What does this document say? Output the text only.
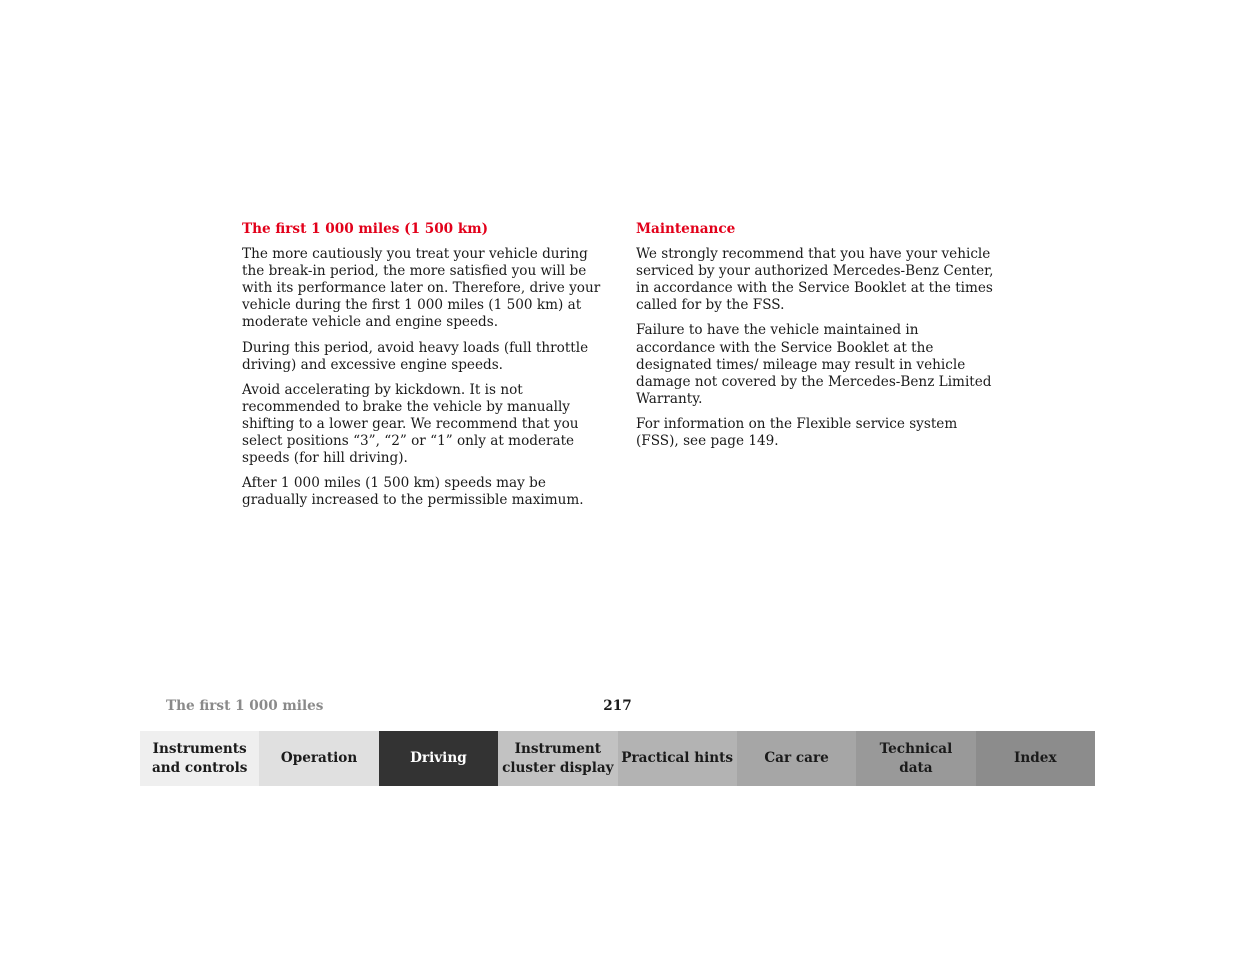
The first 1 000 miles (1 500 km)

The more cautiously you treat your vehicle during the break-in period, the more satisfied you will be with its performance later on. Therefore, drive your vehicle during the first 1 000 miles (1 500 km) at moderate vehicle and engine speeds.

During this period, avoid heavy loads (full throttle driving) and excessive engine speeds.

Avoid accelerating by kickdown. It is not recommended to brake the vehicle by manually shifting to a lower gear. We recommend that you select positions “3”, “2” or “1” only at moderate speeds (for hill driving).

After 1 000 miles (1 500 km) speeds may be gradually increased to the permissible maximum.

Maintenance

We strongly recommend that you have your vehicle serviced by your authorized Mercedes-Benz Center, in accordance with the Service Booklet at the times called for by the FSS.

Failure to have the vehicle maintained in accordance with the Service Booklet at the designated times/ mileage may result in vehicle damage not covered by the Mercedes-Benz Limited Warranty.

For information on the Flexible service system (FSS), see page 149.

The first 1 000 miles	217
Instruments
and controls
Operation	Driving
Instrument
cluster display
Practical hints	Car care
Technical
data
Index
